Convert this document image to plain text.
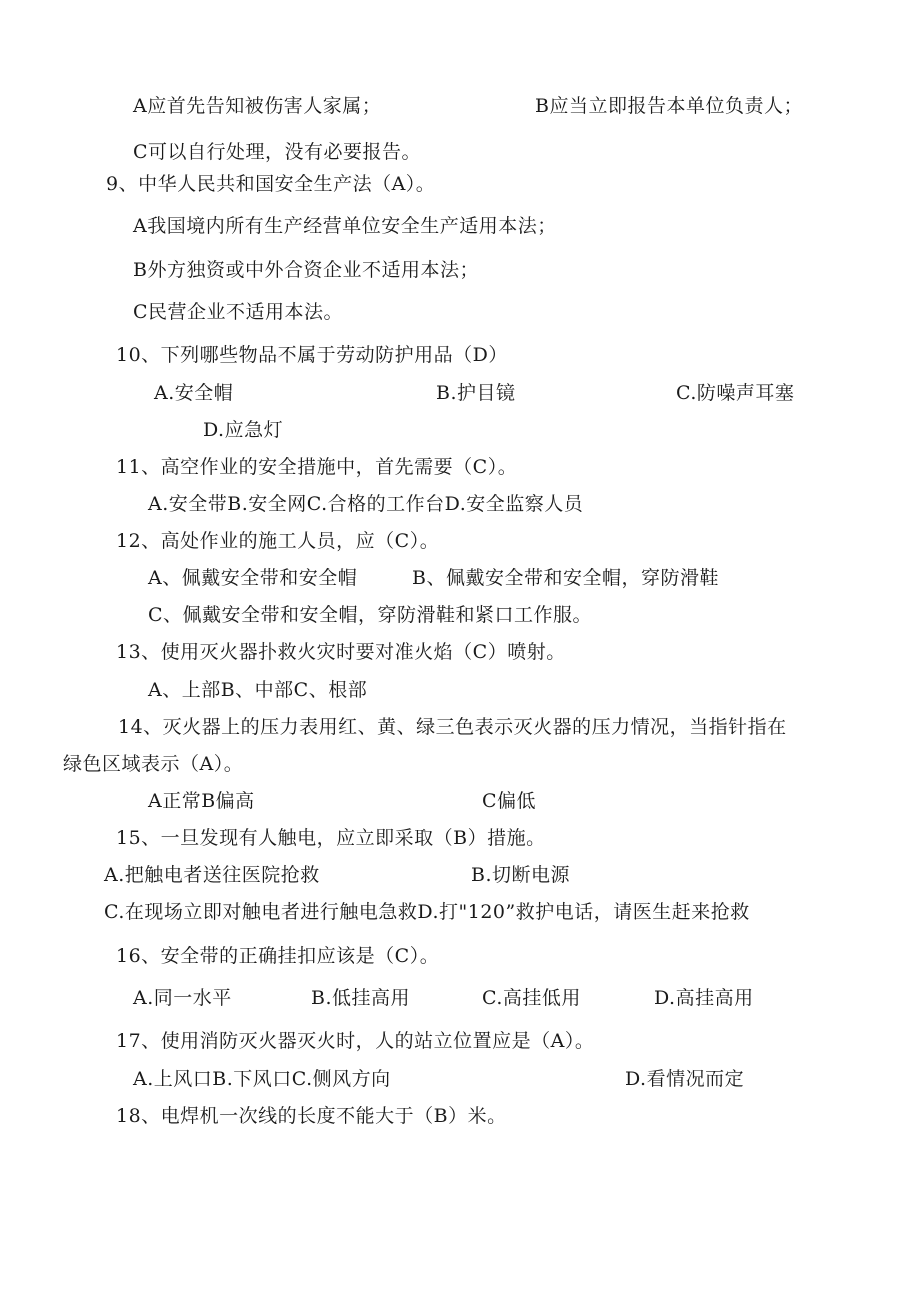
A应首先告知被伤害人家属；	B应当立即报告本单位负责人；
C可以自行处理，没有必要报告。
9、中华人民共和国安全生产法（A）。
A我国境内所有生产经营单位安全生产适用本法；
B外方独资或中外合资企业不适用本法；
C民营企业不适用本法。
10、下列哪些物品不属于劳动防护用品（D）
A.安全帽	B.护目镜	C.防噪声耳塞
D.应急灯
11、高空作业的安全措施中，首先需要（C）。
A.安全带B.安全网C.合格的工作台D.安全监察人员
12、高处作业的施工人员，应（C）。
A、佩戴安全带和安全帽	B、佩戴安全带和安全帽，穿防滑鞋
C、佩戴安全带和安全帽，穿防滑鞋和紧口工作服。
13、使用灭火器扑救火灾时要对准火焰（C）喷射。
A、上部B、中部C、根部
14、灭火器上的压力表用红、黄、绿三色表示灭火器的压力情况，当指针指在
绿色区域表示（A）。
A正常B偏高	C偏低
15、一旦发现有人触电，应立即采取（B）措施。
A.把触电者送往医院抢救	B.切断电源
C.在现场立即对触电者进行触电急救D.打"120”救护电话，请医生赶来抢救
16、安全带的正确挂扣应该是（C）。
A.同一水平	B.低挂高用	C.高挂低用	D.高挂高用
17、使用消防灭火器灭火时，人的站立位置应是（A）。
A.上风口B.下风口C.侧风方向	D.看情况而定
18、电焊机一次线的长度不能大于（B）米。
